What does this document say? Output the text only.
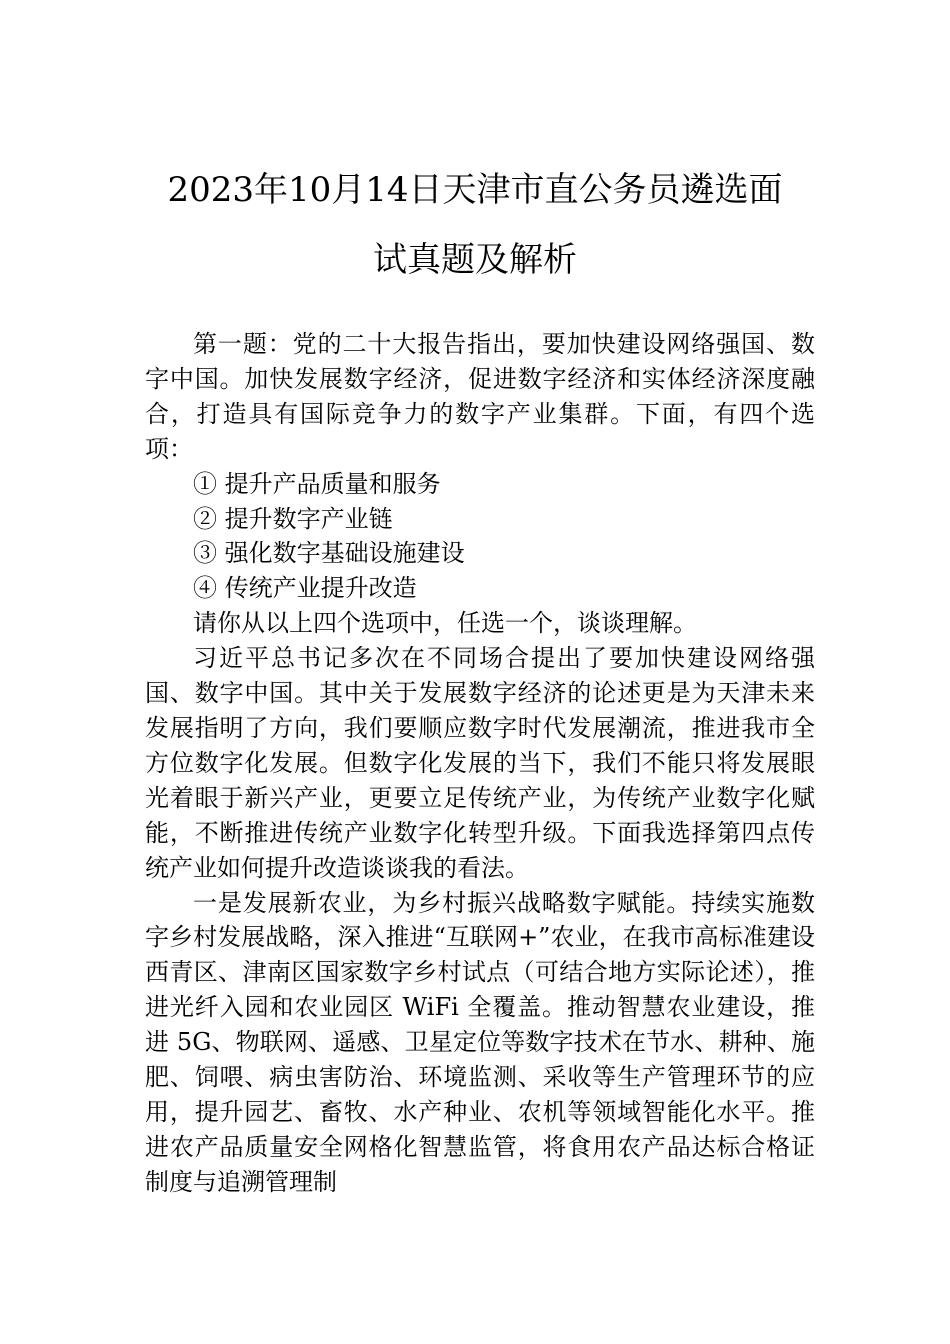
2023年10月14日天津市直公务员遴选面
试真题及解析

第一题：党的二十大报告指出，要加快建设网络强国、数字中国。加快发展数字经济，促进数字经济和实体经济深度融合，打造具有国际竞争力的数字产业集群。下面，有四个选项：

① 提升产品质量和服务

② 提升数字产业链

③ 强化数字基础设施建设

④ 传统产业提升改造

请你从以上四个选项中，任选一个，谈谈理解。

习近平总书记多次在不同场合提出了要加快建设网络强国、数字中国。其中关于发展数字经济的论述更是为天津未来发展指明了方向，我们要顺应数字时代发展潮流，推进我市全方位数字化发展。但数字化发展的当下，我们不能只将发展眼光着眼于新兴产业，更要立足传统产业，为传统产业数字化赋能，不断推进传统产业数字化转型升级。下面我选择第四点传统产业如何提升改造谈谈我的看法。

一是发展新农业，为乡村振兴战略数字赋能。持续实施数字乡村发展战略，深入推进“互联网+”农业，在我市高标准建设西青区、津南区国家数字乡村试点（可结合地方实际论述），推进光纤入园和农业园区 WiFi 全覆盖。推动智慧农业建设，推进 5G、物联网、遥感、卫星定位等数字技术在节水、耕种、施肥、饲喂、病虫害防治、环境监测、采收等生产管理环节的应用，提升园艺、畜牧、水产种业、农机等领域智能化水平。推进农产品质量安全网格化智慧监管，将食用农产品达标合格证制度与追溯管理制
